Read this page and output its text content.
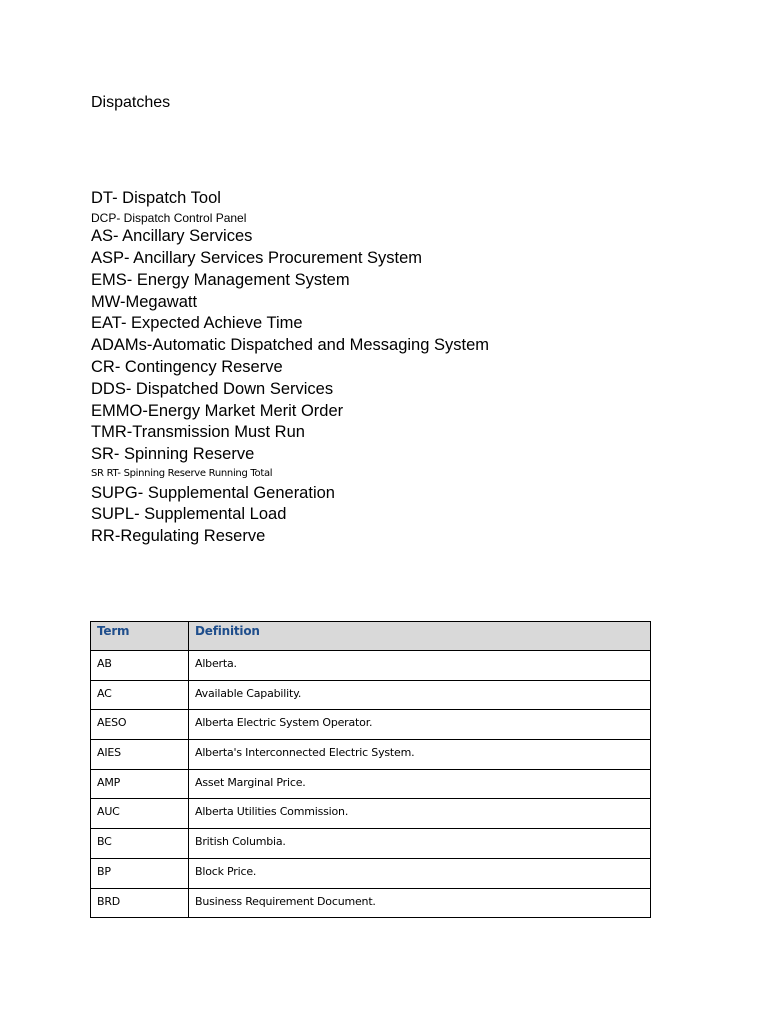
Dispatches
DT- Dispatch Tool
DCP- Dispatch Control Panel
AS- Ancillary Services
ASP- Ancillary Services Procurement System
EMS- Energy Management System
MW-Megawatt
EAT- Expected Achieve Time
ADAMs-Automatic Dispatched and Messaging System
CR- Contingency Reserve
DDS- Dispatched Down Services
EMMO-Energy Market Merit Order
TMR-Transmission Must Run
SR- Spinning Reserve
SR RT- Spinning Reserve Running Total
SUPG- Supplemental Generation
SUPL- Supplemental Load
RR-Regulating Reserve
Term	Definition
AB	Alberta.
AC	Available Capability.
AESO	Alberta Electric System Operator.
AIES	Alberta's Interconnected Electric System.
AMP	Asset Marginal Price.
AUC	Alberta Utilities Commission.
BC	British Columbia.
BP	Block Price.
BRD	Business Requirement Document.
